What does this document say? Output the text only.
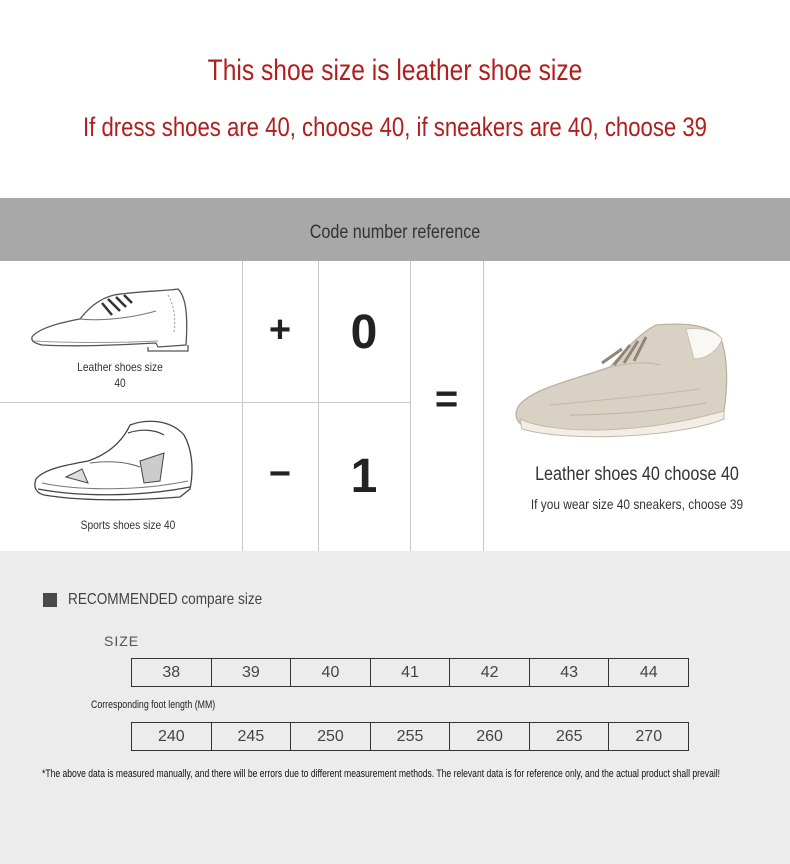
This shoe size is leather shoe size
If dress shoes are 40, choose 40, if sneakers are 40, choose 39
Code number reference
Leather shoes size
40
Sports shoes size 40
+	0
−	1
=
Leather shoes 40 choose 40
If you wear size 40 sneakers, choose 39
RECOMMENDED compare size
SIZE
38	39	40	41	42	43	44
Corresponding foot length (MM)
240	245	250	255	260	265	270
*The above data is measured manually, and there will be errors due to different measurement methods. The relevant data is for reference only, and the actual product shall prevail!
